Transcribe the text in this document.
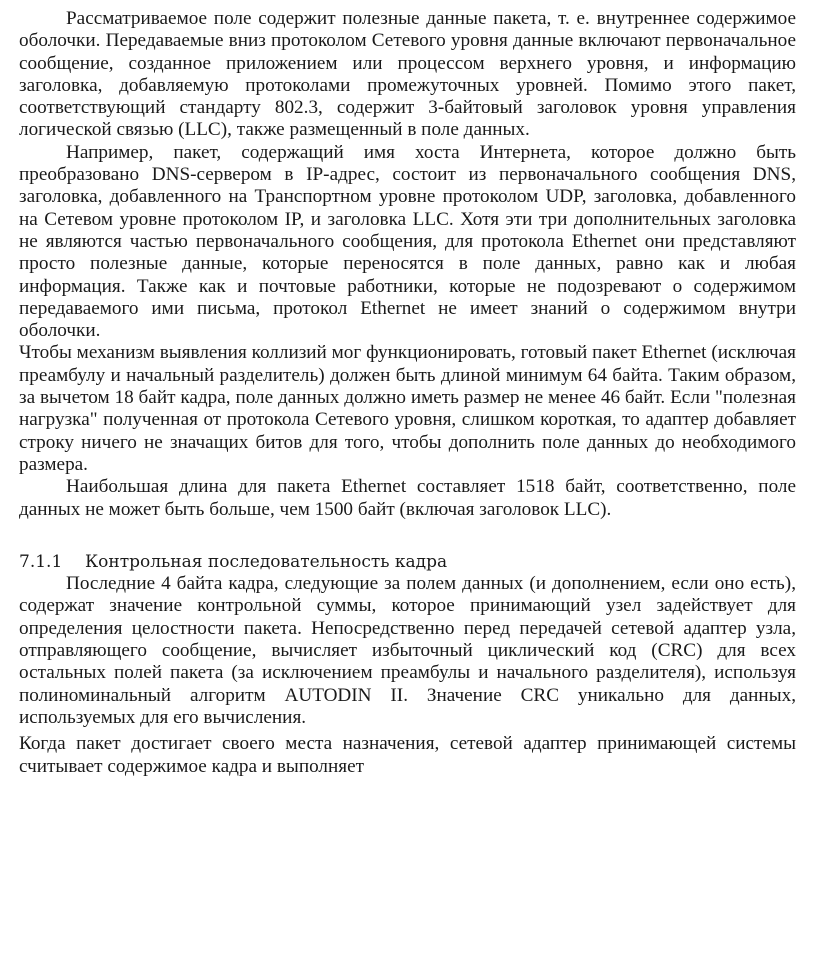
Рассматриваемое поле содержит полезные данные пакета, т. е. внутреннее содержимое оболочки. Передаваемые вниз протоколом Сетевого уровня данные включают первоначальное сообщение, созданное приложением или процессом верхнего уровня, и информацию заголовка, добавляемую протоколами промежуточных уровней. Помимо этого пакет, соответствующий стандарту 802.3, содержит 3-байтовый заголовок уровня управления логической связью (LLC), также размещенный в поле данных.

Например, пакет, содержащий имя хоста Интернета, которое должно быть преобразовано DNS-сервером в IP-адрес, состоит из первоначального сообщения DNS, заголовка, добавленного на Транспортном уровне протоколом UDP, заголовка, добавленного на Сетевом уровне протоколом IP, и заголовка LLC. Хотя эти три дополнительных заголовка не являются частью первоначального сообщения, для протокола Ethernet они представляют просто полезные данные, которые переносятся в поле данных, равно как и любая информация. Также как и почтовые работники, которые не подозревают о содержимом передаваемого ими письма, протокол Ethernet не имеет знаний о содержимом внутри оболочки.

Чтобы механизм выявления коллизий мог функционировать, готовый пакет Ethernet (исключая преамбулу и начальный разделитель) должен быть длиной минимум 64 байта. Таким образом, за вычетом 18 байт кадра, поле данных должно иметь размер не менее 46 байт. Если "полезная нагрузка" полученная от протокола Сетевого уровня, слишком короткая, то адаптер добавляет строку ничего не значащих битов для того, чтобы дополнить поле данных до необходимого размера.

Наибольшая длина для пакета Ethernet составляет 1518 байт, соответственно, поле данных не может быть больше, чем 1500 байт (включая заголовок LLC).

7.1.1 Контрольная последовательность кадра

Последние 4 байта кадра, следующие за полем данных (и дополнением, если оно есть), содержат значение контрольной суммы, которое принимающий узел задействует для определения целостности пакета. Непосредственно перед передачей сетевой адаптер узла, отправляющего сообщение, вычисляет избыточный циклический код (CRC) для всех остальных полей пакета (за исключением преамбулы и начального разделителя), используя полиноминальный алгоритм AUTODIN II. Значение CRC уникально для данных, используемых для его вычисления.

Когда пакет достигает своего места назначения, сетевой адаптер принимающей системы считывает содержимое кадра и выполняет
